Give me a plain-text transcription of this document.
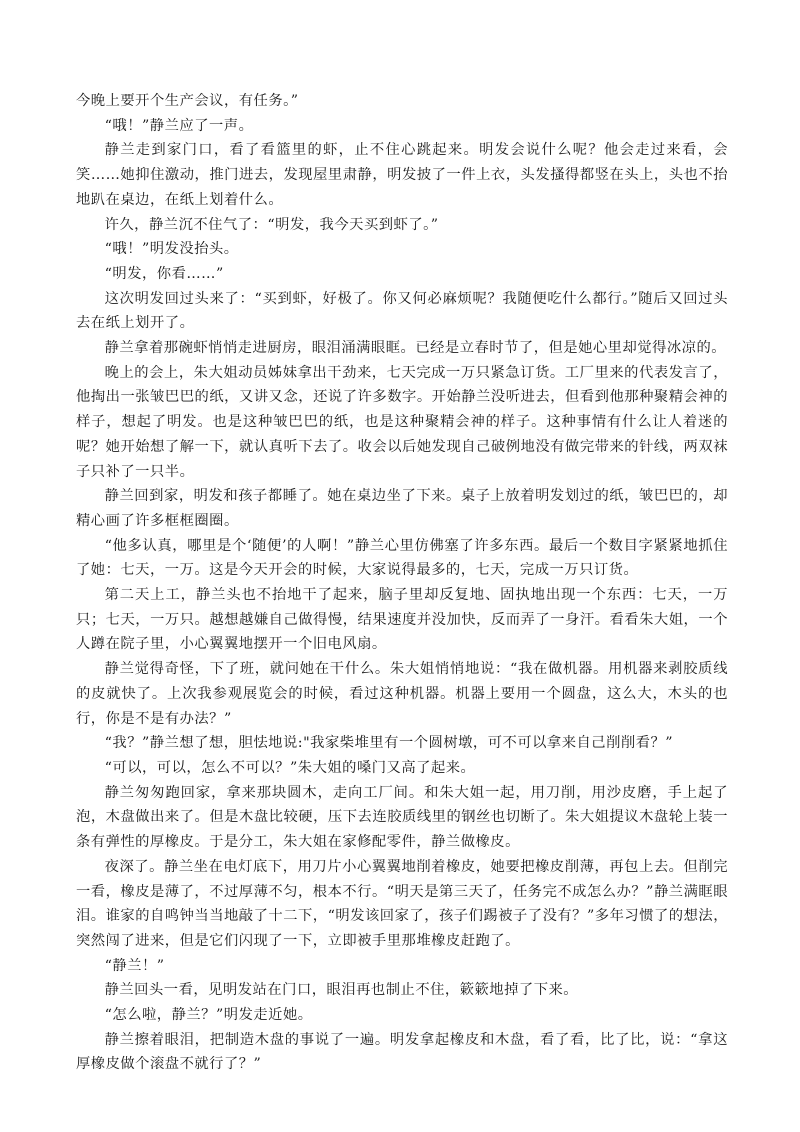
今晚上要开个生产会议，有任务。”

“哦！”静兰应了一声。

静兰走到家门口，看了看篮里的虾，止不住心跳起来。明发会说什么呢？他会走过来看，会笑……她抑住激动，推门进去，发现屋里肃静，明发披了一件上衣，头发搔得都竖在头上，头也不抬地趴在桌边，在纸上划着什么。

许久，静兰沉不住气了：“明发，我今天买到虾了。”

“哦！”明发没抬头。

“明发，你看……”

这次明发回过头来了：“买到虾，好极了。你又何必麻烦呢？我随便吃什么都行。”随后又回过头去在纸上划开了。

静兰拿着那碗虾悄悄走进厨房，眼泪涌满眼眶。已经是立春时节了，但是她心里却觉得冰凉的。

晚上的会上，朱大姐动员姊妹拿出干劲来，七天完成一万只紧急订货。工厂里来的代表发言了，他掏出一张皱巴巴的纸，又讲又念，还说了许多数字。开始静兰没听进去，但看到他那种聚精会神的样子，想起了明发。也是这种皱巴巴的纸，也是这种聚精会神的样子。这种事情有什么让人着迷的呢？她开始想了解一下，就认真听下去了。收会以后她发现自己破例地没有做完带来的针线，两双袜子只补了一只半。

静兰回到家，明发和孩子都睡了。她在桌边坐了下来。桌子上放着明发划过的纸，皱巴巴的，却精心画了许多框框圈圈。

“他多认真，哪里是个‘随便’的人啊！”静兰心里仿佛塞了许多东西。最后一个数目字紧紧地抓住了她：七天，一万。这是今天开会的时候，大家说得最多的，七天，完成一万只订货。

第二天上工，静兰头也不抬地干了起来，脑子里却反复地、固执地出现一个东西：七天，一万只；七天，一万只。越想越嫌自己做得慢，结果速度并没加快，反而弄了一身汗。看看朱大姐，一个人蹲在院子里，小心翼翼地摆开一个旧电风扇。

静兰觉得奇怪，下了班，就问她在干什么。朱大姐悄悄地说：“我在做机器。用机器来剥胶质线的皮就快了。上次我参观展览会的时候，看过这种机器。机器上要用一个圆盘，这么大，木头的也行，你是不是有办法？”

“我？”静兰想了想，胆怯地说:"我家柴堆里有一个圆树墩，可不可以拿来自己削削看？”

“可以，可以，怎么不可以？”朱大姐的嗓门又高了起来。

静兰匆匆跑回家，拿来那块圆木，走向工厂间。和朱大姐一起，用刀削，用沙皮磨，手上起了泡，木盘做出来了。但是木盘比较硬，压下去连胶质线里的钢丝也切断了。朱大姐提议木盘轮上装一条有弹性的厚橡皮。于是分工，朱大姐在家修配零件，静兰做橡皮。

夜深了。静兰坐在电灯底下，用刀片小心翼翼地削着橡皮，她要把橡皮削薄，再包上去。但削完一看，橡皮是薄了，不过厚薄不匀，根本不行。“明天是第三天了，任务完不成怎么办？”静兰满眶眼泪。谁家的自鸣钟当当地敲了十二下，“明发该回家了，孩子们踢被子了没有？”多年习惯了的想法，突然闯了进来，但是它们闪现了一下，立即被手里那堆橡皮赶跑了。

“静兰！”

静兰回头一看，见明发站在门口，眼泪再也制止不住，簌簌地掉了下来。

“怎么啦，静兰？”明发走近她。

静兰擦着眼泪，把制造木盘的事说了一遍。明发拿起橡皮和木盘，看了看，比了比，说：“拿这厚橡皮做个滚盘不就行了？”
